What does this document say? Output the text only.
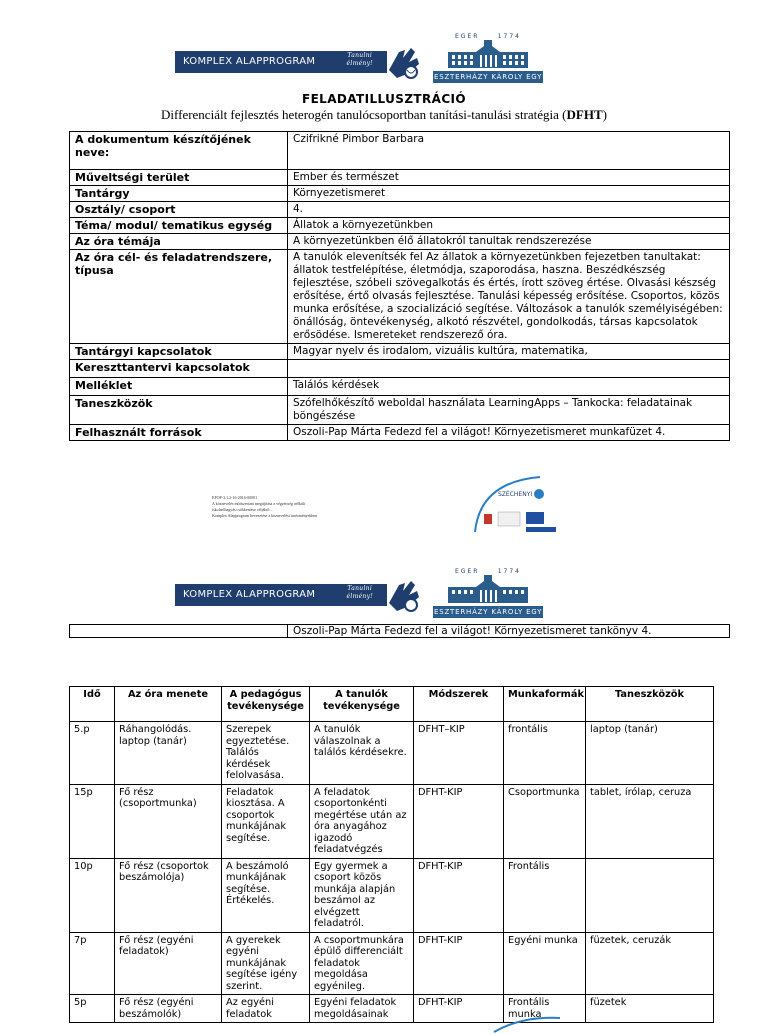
KOMPLEX ALAPPROGRAM
Tanulni
élmény!
EGER	1774
ESZTERHÁZY KÁROLY EGYETEM
FELADATILLUSZTRÁCIÓ
Differenciált fejlesztés heterogén tanulócsoportban tanítási-tanulási stratégia (DFHT)
A dokumentum készítőjének neve:	Czifrikné Pimbor Barbara
Műveltségi terület	Ember és természet
Tantárgy	Környezetismeret
Osztály/ csoport	4.
Téma/ modul/ tematikus egység	Állatok a környezetünkben
Az óra témája	A környezetünkben élő állatokról tanultak rendszerezése
Az óra cél- és feladatrendszere, típusa	A tanulók elevenítsék fel Az állatok a környezetünkben fejezetben tanultakat: állatok testfelépítése, életmódja, szaporodása, haszna. Beszédkészség fejlesztése, szóbeli szövegalkotás és értés, írott szöveg értése. Olvasási készség erősítése, értő olvasás fejlesztése. Tanulási képesség erősítése. Csoportos, közös munka erősítése, a szocializáció segítése. Változások a tanulók személyiségében: önállóság, öntevékenység, alkotó részvétel, gondolkodás, társas kapcsolatok erősödése. Ismereteket rendszerező óra.
Tantárgyi kapcsolatok	Magyar nyelv és irodalom, vizuális kultúra, matematika,
Kereszttantervi kapcsolatok	
Melléklet	Találós kérdések
Taneszközök	Szófelhőkészítő weboldal használata LearningApps – Tankocka: feladatainak böngészése
Felhasznált források	Oszoli-Pap Márta Fedezd fel a világot! Környezetismeret munkafüzet 4.
EFOP-3.1.2-16-2016-00001
A köznevelés módszertani megújítása a végzettség nélküli
iskolaelhagyás csökkentése céljából –
Komplex Alapprogram bevezetése a köznevelési intézményekben
SZÉCHENYI
KOMPLEX ALAPPROGRAM
Tanulni
élmény!
EGER	1774
ESZTERHÁZY KÁROLY EGYETEM
	Oszoli-Pap Márta Fedezd fel a világot! Környezetismeret tankönyv 4.
Idő	Az óra menete	A pedagógus tevékenysége	A tanulók tevékenysége	Módszerek	Munkaformák	Taneszközök
5.p	Ráhangolódás. laptop (tanár)	Szerepek egyeztetése. Találós kérdések felolvasása.	A tanulók válaszolnak a találós kérdésekre.	DFHT–KIP	frontális	laptop (tanár)
15p	Fő rész (csoportmunka)	Feladatok kiosztása. A csoportok munkájának segítése.	A feladatok csoportonkénti megértése után az óra anyagához igazodó feladatvégzés	DFHT-KIP	Csoportmunka	tablet, írólap, ceruza
10p	Fő rész (csoportok beszámolója)	A beszámoló munkájának segítése. Értékelés.	Egy gyermek a csoport közös munkája alapján beszámol az elvégzett feladatról.	DFHT-KIP	Frontális	
7p	Fő rész (egyéni feladatok)	A gyerekek egyéni munkájának segítése igény szerint.	A csoportmunkára épülő differenciált feladatok megoldása egyénileg.	DFHT-KIP	Egyéni munka	füzetek, ceruzák
5p	Fő rész (egyéni beszámolók)	Az egyéni feladatok	Egyéni feladatok megoldásainak	DFHT-KIP	Frontális munka	füzetek
